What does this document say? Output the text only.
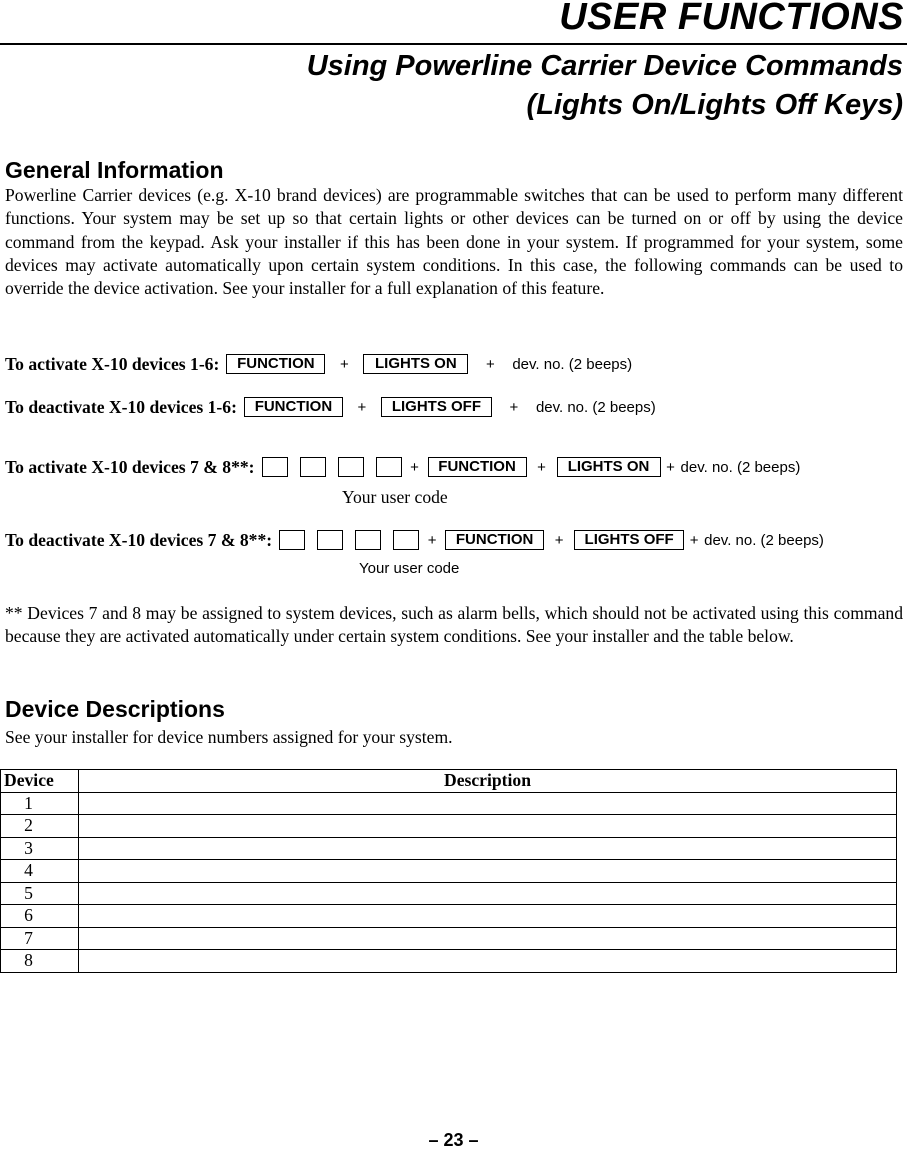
USER FUNCTIONS
Using Powerline Carrier Device Commands
(Lights On/Lights Off Keys)
General Information

Powerline Carrier devices (e.g. X-10 brand devices) are programmable switches that can be used to perform many different functions. Your system may be set up so that certain lights or other devices can be turned on or off by using the device command from the keypad. Ask your installer if this has been done in your system. If programmed for your system, some devices may activate automatically upon certain system conditions. In this case, the following commands can be used to override the device activation. See your installer for a full explanation of this feature.

To activate X-10 devices 1-6:	FUNCTION	+	LIGHTS ON	+	dev. no. (2 beeps)
To deactivate X-10 devices 1-6:	FUNCTION	+	LIGHTS OFF	+	dev. no. (2 beeps)
To activate X-10 devices 7 & 8**:	+	FUNCTION	+	LIGHTS ON	+ dev. no. (2 beeps)
Your user code
To deactivate X-10 devices 7 & 8**:	+	FUNCTION	+	LIGHTS OFF	+ dev. no. (2 beeps)
Your user code

** Devices 7 and 8 may be assigned to system devices, such as alarm bells, which should not be activated using this command because they are activated automatically under certain system conditions. See your installer and the table below.

Device Descriptions

See your installer for device numbers assigned for your system.

Device	Description
1	
2	
3	
4	
5	
6	
7	
8	
– 23 –
